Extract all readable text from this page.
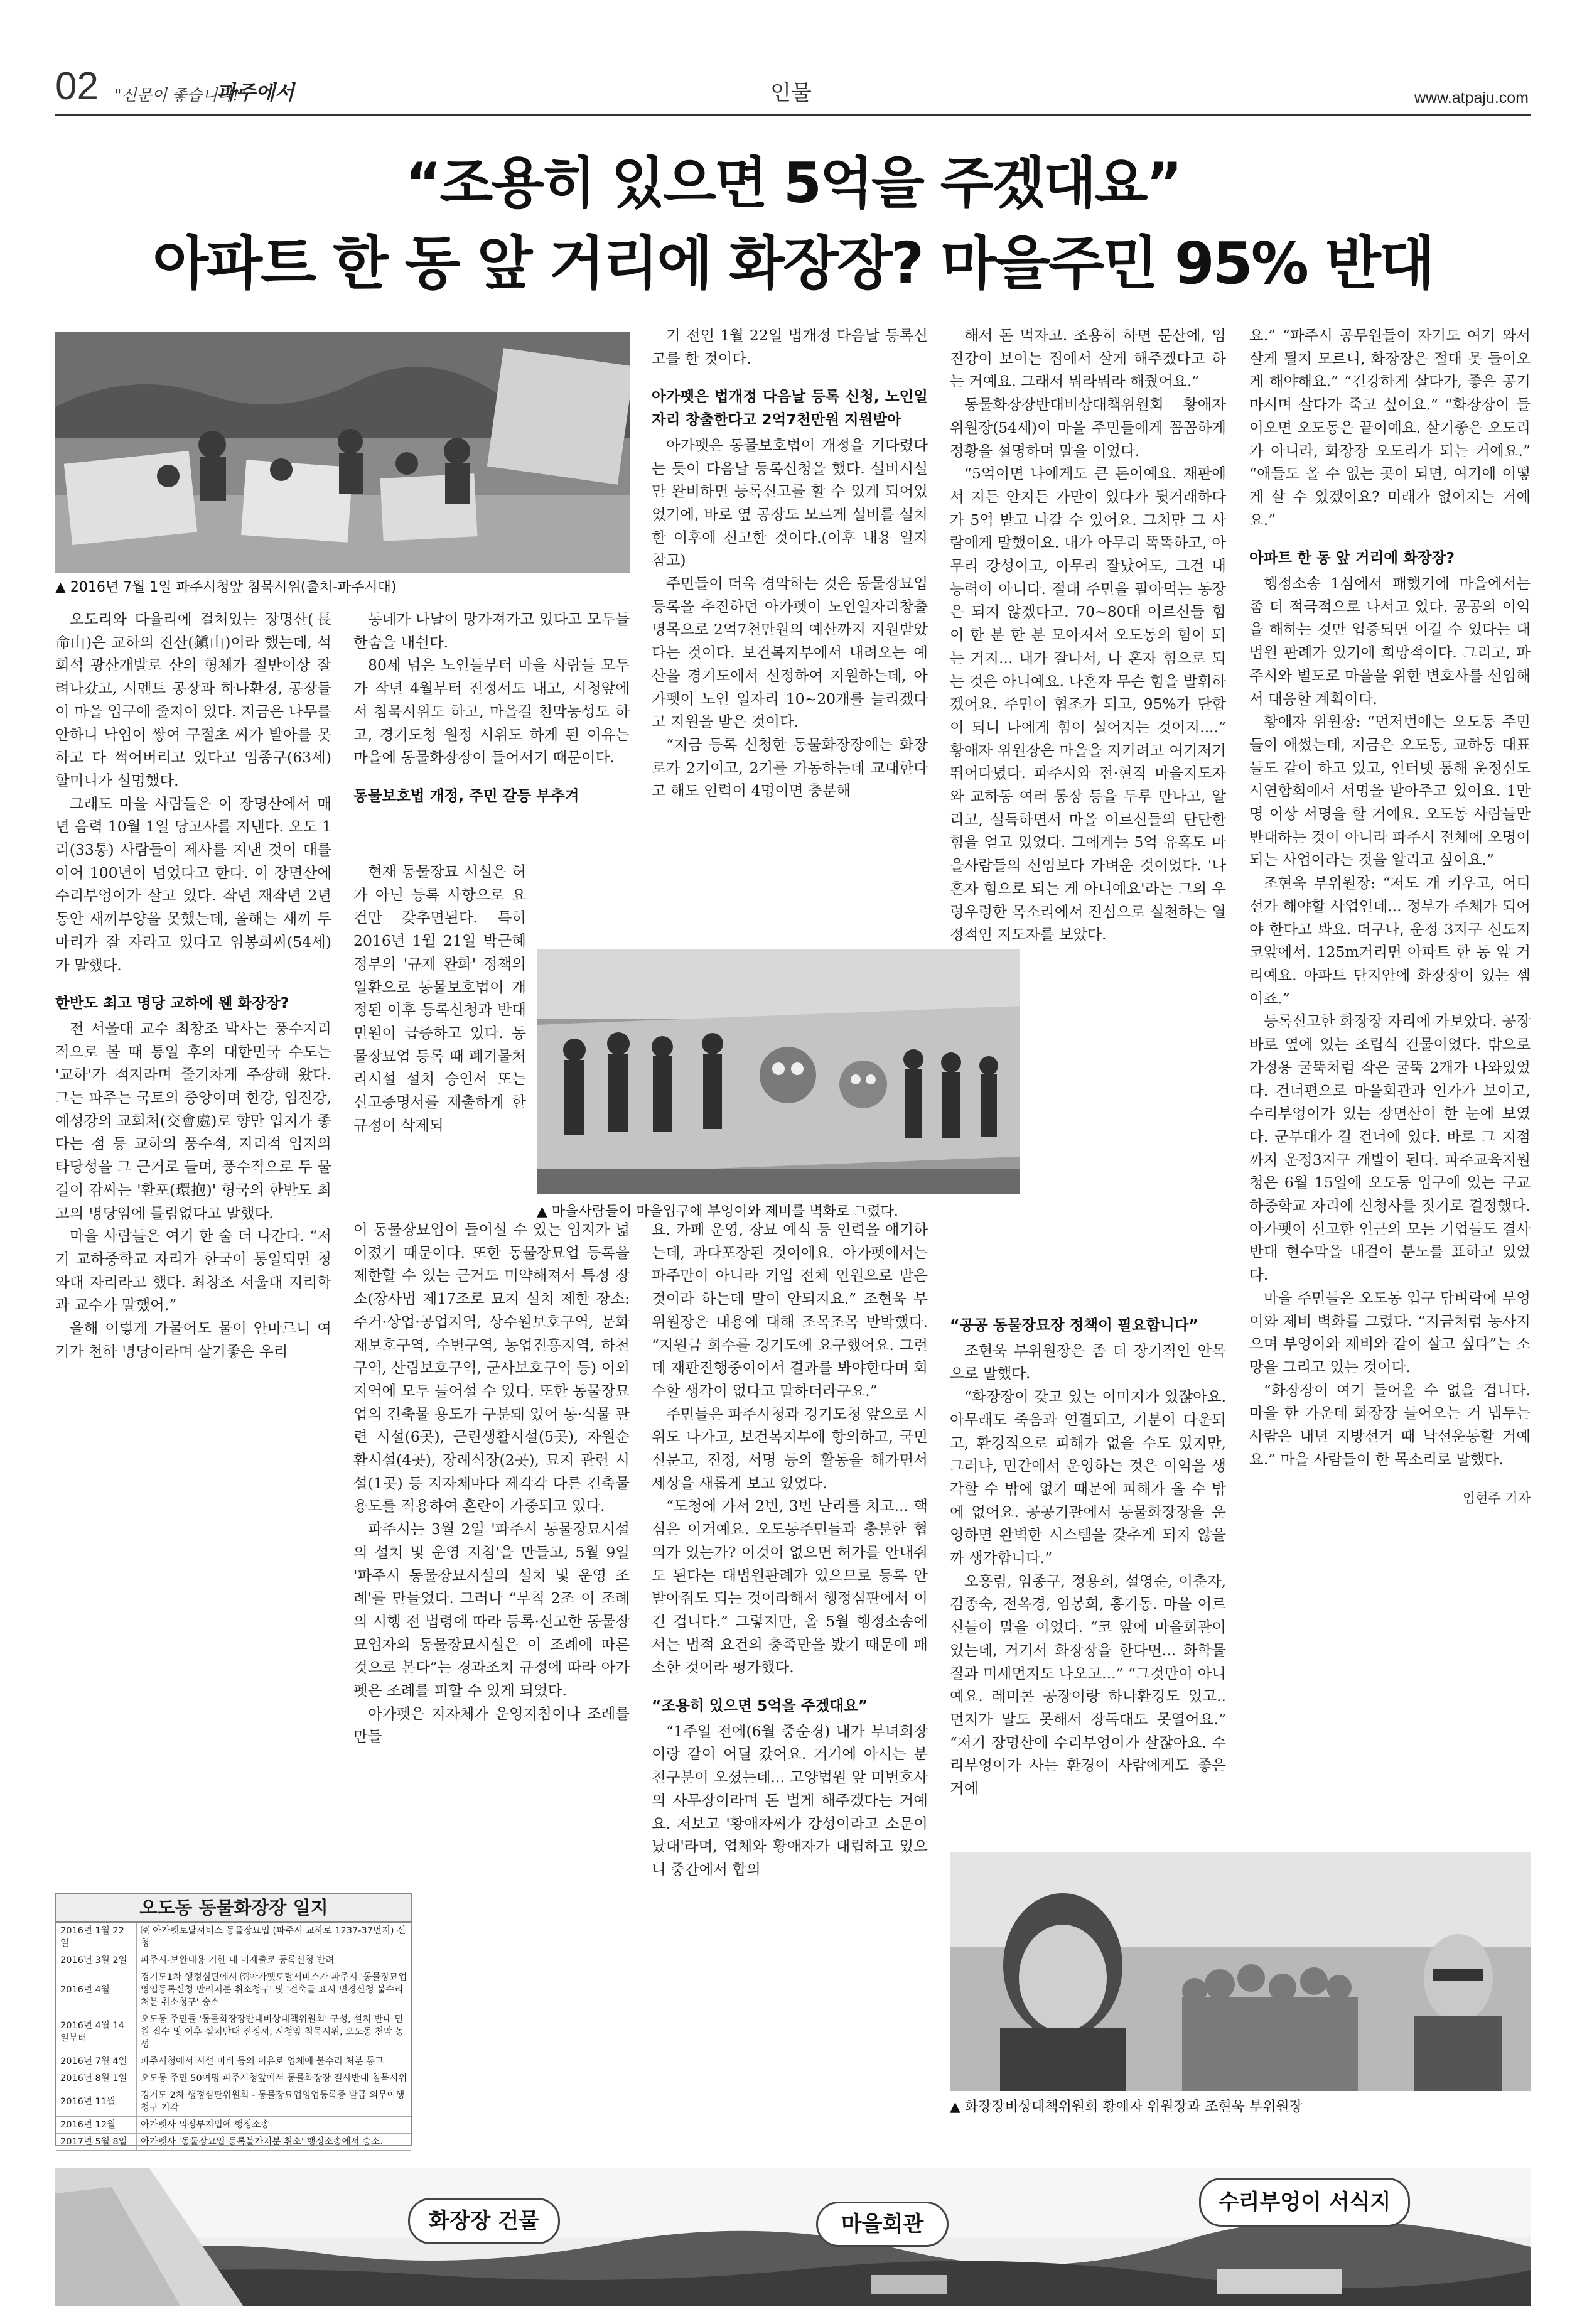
02 "신문이 좋습니다!"
파주에서	인물	www.atpaju.com
“조용히 있으면 5억을 주겠대요”
아파트 한 동 앞 거리에 화장장? 마을주민 95% 반대
▲ 2016년 7월 1일 파주시청앞 침묵시위(출처-파주시대)

오도리와 다율리에 걸쳐있는 장명산(長命山)은 교하의 진산(鎭山)이라 했는데, 석회석 광산개발로 산의 형체가 절반이상 잘려나갔고, 시멘트 공장과 하나환경, 공장들이 마을 입구에 줄지어 있다. 지금은 나무를 안하니 낙엽이 쌓여 구절초 씨가 발아를 못하고 다 썩어버리고 있다고 임종구(63세) 할머니가 설명했다.

그래도 마을 사람들은 이 장명산에서 매년 음력 10월 1일 당고사를 지낸다. 오도 1리(33통) 사람들이 제사를 지낸 것이 대를 이어 100년이 넘었다고 한다. 이 장면산에 수리부엉이가 살고 있다. 작년 재작년 2년동안 새끼부양을 못했는데, 올해는 새끼 두 마리가 잘 자라고 있다고 임봉희씨(54세)가 말했다.

한반도 최고 명당 교하에 웬 화장장?

전 서울대 교수 최창조 박사는 풍수지리적으로 볼 때 통일 후의 대한민국 수도는 '교하'가 적지라며 줄기차게 주장해 왔다. 그는 파주는 국토의 중앙이며 한강, 임진강, 예성강의 교회처(交會處)로 향만 입지가 좋다는 점 등 교하의 풍수적, 지리적 입지의 타당성을 그 근거로 들며, 풍수적으로 두 물길이 감싸는 '환포(環抱)' 형국의 한반도 최고의 명당임에 틀림없다고 말했다.

마을 사람들은 여기 한 술 더 나간다. “저기 교하중학교 자리가 한국이 통일되면 청와대 자리라고 했다. 최창조 서울대 지리학과 교수가 말했어.”

올해 이렇게 가물어도 물이 안마르니 여기가 천하 명당이라며 살기좋은 우리

동네가 나날이 망가져가고 있다고 모두들 한숨을 내쉰다.

80세 넘은 노인들부터 마을 사람들 모두가 작년 4월부터 진정서도 내고, 시청앞에서 침묵시위도 하고, 마을길 천막농성도 하고, 경기도청 원정 시위도 하게 된 이유는 마을에 동물화장장이 들어서기 때문이다.

동물보호법 개정, 주민 갈등 부추겨

현재 동물장묘 시설은 허가 아닌 등록 사항으로 요건만 갖추면된다. 특히 2016년 1월 21일 박근혜 정부의 '규제 완화' 정책의 일환으로 동물보호법이 개정된 이후 등록신청과 반대 민원이 급증하고 있다. 동물장묘업 등록 때 폐기물처리시설 설치 승인서 또는 신고증명서를 제출하게 한 규정이 삭제되

어 동물장묘업이 들어설 수 있는 입지가 넓어졌기 때문이다. 또한 동물장묘업 등록을 제한할 수 있는 근거도 미약해져서 특정 장소(장사법 제17조로 묘지 설치 제한 장소: 주거·상업·공업지역, 상수원보호구역, 문화재보호구역, 수변구역, 농업진흥지역, 하천구역, 산림보호구역, 군사보호구역 등) 이외 지역에 모두 들어설 수 있다. 또한 동물장묘업의 건축물 용도가 구분돼 있어 동·식물 관련 시설(6곳), 근린생활시설(5곳), 자원순환시설(4곳), 장례식장(2곳), 묘지 관련 시설(1곳) 등 지자체마다 제각각 다른 건축물 용도를 적용하여 혼란이 가중되고 있다.

파주시는 3월 2일 '파주시 동물장묘시설의 설치 및 운영 지침'을 만들고, 5월 9일 '파주시 동물장묘시설의 설치 및 운영 조례'를 만들었다. 그러나 “부칙 2조 이 조례의 시행 전 법령에 따라 등록·신고한 동물장묘업자의 동물장묘시설은 이 조례에 따른 것으로 본다”는 경과조치 규정에 따라 아가펫은 조례를 피할 수 있게 되었다.

아가펫은 지자체가 운영지침이나 조례를 만들

기 전인 1월 22일 법개정 다음날 등록신고를 한 것이다.

아가펫은 법개정 다음날 등록 신청, 노인일자리 창출한다고 2억7천만원 지원받아

아가펫은 동물보호법이 개정을 기다렸다는 듯이 다음날 등록신청을 했다. 설비시설만 완비하면 등록신고를 할 수 있게 되어있었기에, 바로 옆 공장도 모르게 설비를 설치한 이후에 신고한 것이다.(이후 내용 일지 참고)

주민들이 더욱 경악하는 것은 동물장묘업 등록을 추진하던 아가펫이 노인일자리창출 명목으로 2억7천만원의 예산까지 지원받았다는 것이다. 보건복지부에서 내려오는 예산을 경기도에서 선정하여 지원하는데, 아가펫이 노인 일자리 10~20개를 늘리겠다고 지원을 받은 것이다.

“지금 등록 신청한 동물화장장에는 화장로가 2기이고, 2기를 가동하는데 교대한다고 해도 인력이 4명이면 충분해

요. 카페 운영, 장묘 예식 등 인력을 얘기하는데, 과다포장된 것이에요. 아가펫에서는 파주만이 아니라 기업 전체 인원으로 받은 것이라 하는데 말이 안되지요.” 조현욱 부위원장은 내용에 대해 조목조목 반박했다. “지원금 회수를 경기도에 요구했어요. 그런데 재판진행중이어서 결과를 봐야한다며 회수할 생각이 없다고 말하더라구요.”

주민들은 파주시청과 경기도청 앞으로 시위도 나가고, 보건복지부에 항의하고, 국민신문고, 진정, 서명 등의 활동을 해가면서 세상을 새롭게 보고 있었다.

“도청에 가서 2번, 3번 난리를 치고... 핵심은 이거예요. 오도동주민들과 충분한 협의가 있는가? 이것이 없으면 허가를 안내줘도 된다는 대법원판례가 있으므로 등록 안받아줘도 되는 것이라해서 행정심판에서 이긴 겁니다.” 그렇지만, 올 5월 행정소송에서는 법적 요건의 충족만을 봤기 때문에 패소한 것이라 평가했다.

“조용히 있으면 5억을 주겠대요”

“1주일 전에(6월 중순경) 내가 부녀회장이랑 같이 어딜 갔어요. 거기에 아시는 분 친구분이 오셨는데... 고양법원 앞 미변호사의 사무장이라며 돈 벌게 해주겠다는 거예요. 저보고 '황애자씨가 강성이라고 소문이 났대'라며, 업체와 황애자가 대립하고 있으니 중간에서 합의

▲ 마을사람들이 마을입구에 부엉이와 제비를 벽화로 그렸다.

해서 돈 먹자고. 조용히 하면 문산에, 임진강이 보이는 집에서 살게 해주겠다고 하는 거예요. 그래서 뭐라뭐라 해줬어요.”

동물화장장반대비상대책위원회 황애자 위원장(54세)이 마을 주민들에게 꼼꼼하게 정황을 설명하며 말을 이었다.

“5억이면 나에게도 큰 돈이예요. 재판에서 지든 안지든 가만이 있다가 뒷거래하다가 5억 받고 나갈 수 있어요. 그치만 그 사람에게 말했어요. 내가 아무리 똑똑하고, 아무리 강성이고, 아무리 잘났어도, 그건 내 능력이 아니다. 절대 주민을 팔아먹는 동장은 되지 않겠다고. 70~80대 어르신들 힘이 한 분 한 분 모아져서 오도동의 힘이 되는 거지... 내가 잘나서, 나 혼자 힘으로 되는 것은 아니예요. 나혼자 무슨 힘을 발휘하겠어요. 주민이 협조가 되고, 95%가 단합이 되니 나에게 힘이 실어지는 것이지....” 황애자 위원장은 마을을 지키려고 여기저기 뛰어다녔다. 파주시와 전·현직 마을지도자와 교하동 여러 통장 등을 두루 만나고, 알리고, 설득하면서 마을 어르신들의 단단한 힘을 얻고 있었다. 그에게는 5억 유혹도 마을사람들의 신임보다 가벼운 것이었다. '나 혼자 힘으로 되는 게 아니예요'라는 그의 우렁우렁한 목소리에서 진심으로 실천하는 열정적인 지도자를 보았다.

“공공 동물장묘장 정책이 필요합니다”

조현욱 부위원장은 좀 더 장기적인 안목으로 말했다.

“화장장이 갖고 있는 이미지가 있잖아요. 아무래도 죽음과 연결되고, 기분이 다운되고, 환경적으로 피해가 없을 수도 있지만, 그러나, 민간에서 운영하는 것은 이익을 생각할 수 밖에 없기 때문에 피해가 올 수 밖에 없어요. 공공기관에서 동물화장장을 운영하면 완벽한 시스템을 갖추게 되지 않을까 생각합니다.”

오흥림, 임종구, 정용희, 설영순, 이춘자, 김종숙, 전옥경, 임봉희, 홍기동. 마을 어르신들이 말을 이었다. “코 앞에 마을회관이 있는데, 거기서 화장장을 한다면... 화학물질과 미세먼지도 나오고...” “그것만이 아니예요. 레미콘 공장이랑 하나환경도 있고.. 먼지가 말도 못해서 장독대도 못열어요.” “저기 장명산에 수리부엉이가 살잖아요. 수리부엉이가 사는 환경이 사람에게도 좋은 거에

요.” “파주시 공무원들이 자기도 여기 와서 살게 될지 모르니, 화장장은 절대 못 들어오게 해야해요.” “건강하게 살다가, 좋은 공기 마시며 살다가 죽고 싶어요.” “화장장이 들어오면 오도동은 끝이예요. 살기좋은 오도리가 아니라, 화장장 오도리가 되는 거예요.” “애들도 올 수 없는 곳이 되면, 여기에 어떻게 살 수 있겠어요? 미래가 없어지는 거예요.”

아파트 한 동 앞 거리에 화장장?

행정소송 1심에서 패했기에 마을에서는 좀 더 적극적으로 나서고 있다. 공공의 이익을 해하는 것만 입증되면 이길 수 있다는 대법원 판례가 있기에 희망적이다. 그리고, 파주시와 별도로 마을을 위한 변호사를 선임해서 대응할 계획이다.

황애자 위원장: “먼저번에는 오도동 주민들이 애썼는데, 지금은 오도동, 교하동 대표들도 같이 하고 있고, 인터넷 통해 운정신도시연합회에서 서명을 받아주고 있어요. 1만명 이상 서명을 할 거예요. 오도동 사람들만 반대하는 것이 아니라 파주시 전체에 오명이 되는 사업이라는 것을 알리고 싶어요.”

조현욱 부위원장: “저도 개 키우고, 어디선가 해야할 사업인데... 정부가 주체가 되어야 한다고 봐요. 더구나, 운정 3지구 신도지 코앞에서. 125m거리면 아파트 한 동 앞 거리예요. 아파트 단지안에 화장장이 있는 셈이죠.”

등록신고한 화장장 자리에 가보았다. 공장 바로 옆에 있는 조립식 건물이었다. 밖으로 가정용 굴뚝처럼 작은 굴뚝 2개가 나와있었다. 건너편으로 마을회관과 인가가 보이고, 수리부엉이가 있는 장면산이 한 눈에 보였다. 군부대가 길 건너에 있다. 바로 그 지점까지 운정3지구 개발이 된다. 파주교육지원청은 6월 15일에 오도동 입구에 있는 구교하중학교 자리에 신청사를 짓기로 결정했다. 아가펫이 신고한 인근의 모든 기업들도 결사 반대 현수막을 내걸어 분노를 표하고 있었다.

마을 주민들은 오도동 입구 담벼락에 부엉이와 제비 벽화를 그렸다. “지금처럼 농사지으며 부엉이와 제비와 같이 살고 싶다”는 소망을 그리고 있는 것이다.

“화장장이 여기 들어올 수 없을 겁니다. 마을 한 가운데 화장장 들어오는 거 냅두는 사람은 내년 지방선거 때 낙선운동할 거예요.” 마을 사람들이 한 목소리로 말했다.

임현주 기자
▲ 화장장비상대책위원회 황애자 위원장과 조현욱 부위원장
오도동 동물화장장 일지
2016년 1월 22일	㈜ 아가펫토탈서비스 동물장묘업 (파주시 교하로 1237-37번지) 신청
2016년 3월 2일	파주시-보완내용 기한 내 미제출로 등록신청 반려
2016년 4월	경기도1차 행정심판에서 ㈜아가펫토탈서비스가 파주시 '동물장묘업 영업등록신청 반려처분 취소청구' 및 '건축물 표시 변경신청 불수리처분 취소청구' 승소
2016년 4월 14일부터	오도동 주민들 '동물화장장반대비상대책위원회' 구성, 설치 반대 민원 접수 및 이후 설치반대 진정서, 시청앞 침묵시위, 오도동 천막 농성
2016년 7월 4일	파주시청에서 시설 미비 등의 이유로 업체에 불수리 처분 통고
2016년 8월 1일	오도동 주민 50여명 파주시청앞에서 동물화장장 결사반대 침묵시위
2016년 11월	경기도 2차 행정심판위원회 - 동물장묘업영업등록증 발급 의무이행 청구 기각
2016년 12월	아가펫사 의정부지법에 행정소송
2017년 5월 8일	아가펫사 '동물장묘업 등록불가처분 취소' 행정소송에서 승소.
화장장 건물	마을회관
수리부엉이 서식지
